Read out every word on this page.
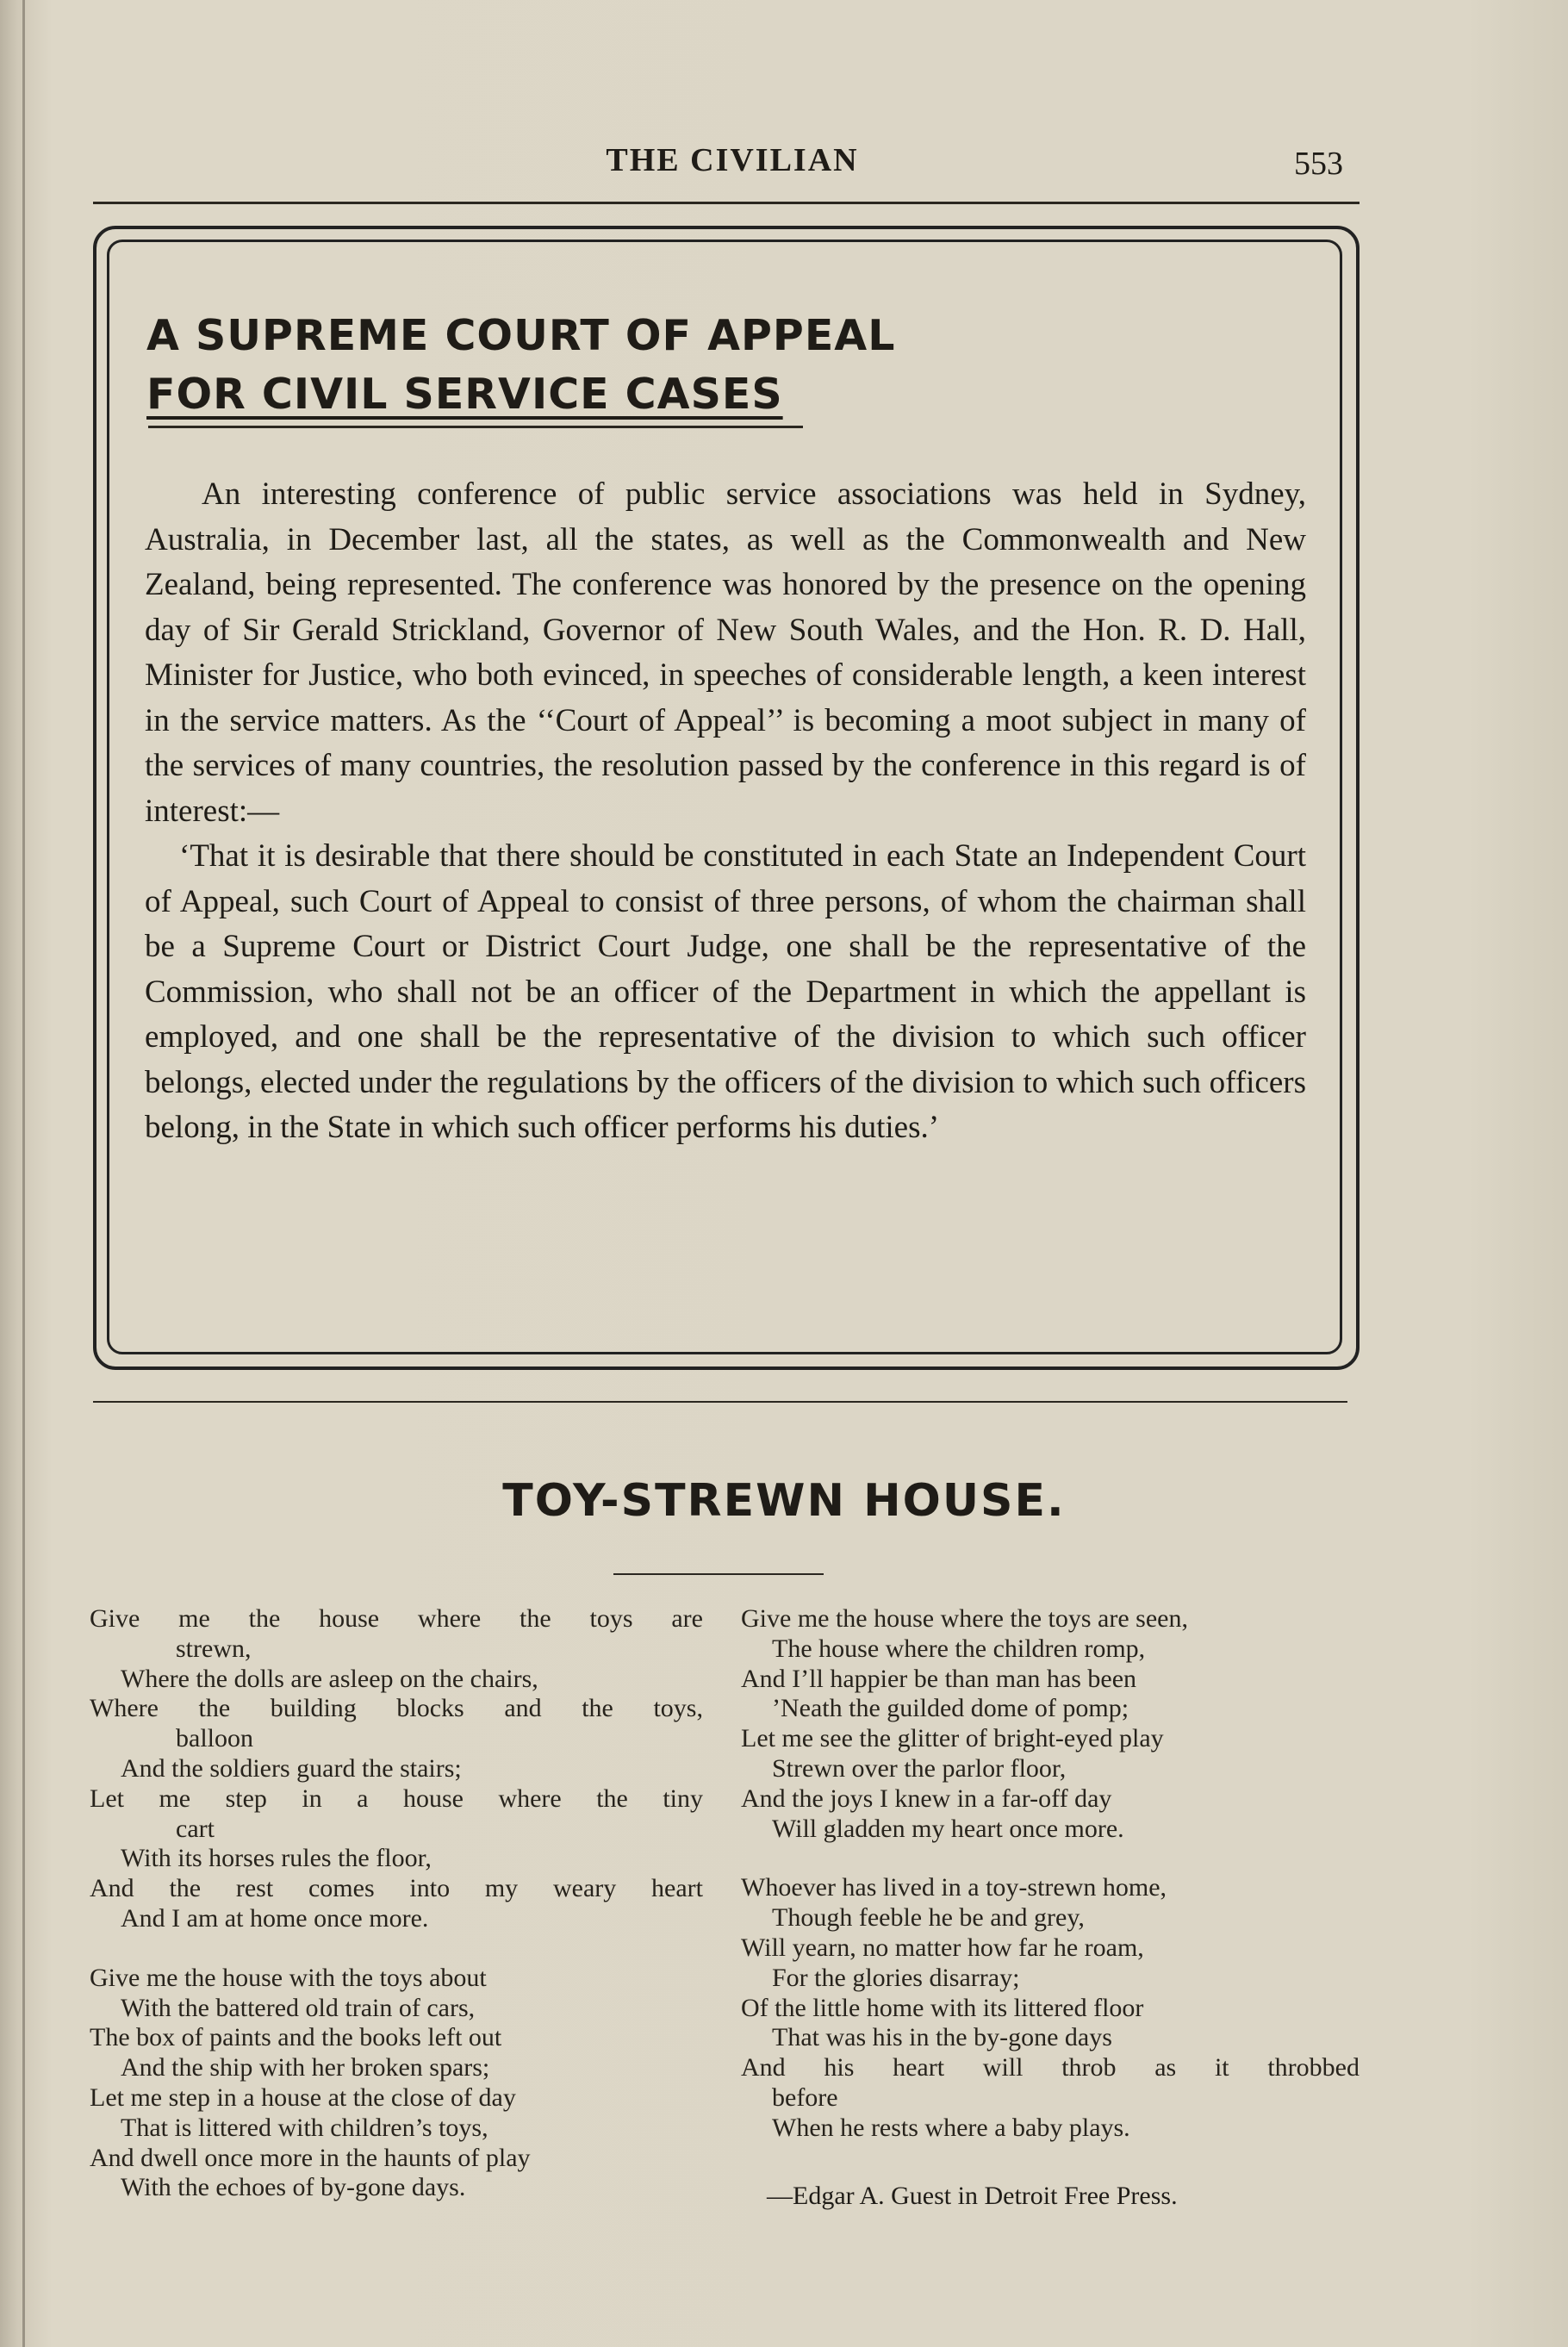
THE CIVILIAN	553
A SUPREME COURT OF APPEAL
FOR CIVIL SERVICE CASES

An interesting conference of public service associations was held in Sydney, Australia, in December last, all the states, as well as the Commonwealth and New Zealand, being represented. The conference was honored by the presence on the opening day of Sir Gerald Strickland, Governor of New South Wales, and the Hon. R. D. Hall, Minister for Justice, who both evinced, in speeches of considerable length, a keen interest in the service matters. As the ‘‘Court of Appeal’’ is becoming a moot subject in many of the services of many countries, the resolution passed by the conference in this regard is of interest:—

‘That it is desirable that there should be constituted in each State an Independent Court of Appeal, such Court of Appeal to consist of three persons, of whom the chairman shall be a Supreme Court or District Court Judge, one shall be the representative of the Commission, who shall not be an officer of the Department in which the appellant is employed, and one shall be the representative of the division to which such officer belongs, elected under the regulations by the officers of the division to which such officers belong, in the State in which such officer performs his duties.’

TOY-STREWN HOUSE.
Give me the house where the toys are
strewn,
Where the dolls are asleep on the chairs,
Where the building blocks and the toys,
balloon
And the soldiers guard the stairs;
Let me step in a house where the tiny
cart
With its horses rules the floor,
And the rest comes into my weary heart
And I am at home once more.
Give me the house with the toys about
With the battered old train of cars,
The box of paints and the books left out
And the ship with her broken spars;
Let me step in a house at the close of day
That is littered with children’s toys,
And dwell once more in the haunts of play
With the echoes of by-gone days.
Give me the house where the toys are seen,
The house where the children romp,
And I’ll happier be than man has been
’Neath the guilded dome of pomp;
Let me see the glitter of bright-eyed play
Strewn over the parlor floor,
And the joys I knew in a far-off day
Will gladden my heart once more.
Whoever has lived in a toy-strewn home,
Though feeble he be and grey,
Will yearn, no matter how far he roam,
For the glories disarray;
Of the little home with its littered floor
That was his in the by-gone days
And his heart will throb as it throbbed
before
When he rests where a baby plays.
—Edgar A. Guest in Detroit Free Press.
